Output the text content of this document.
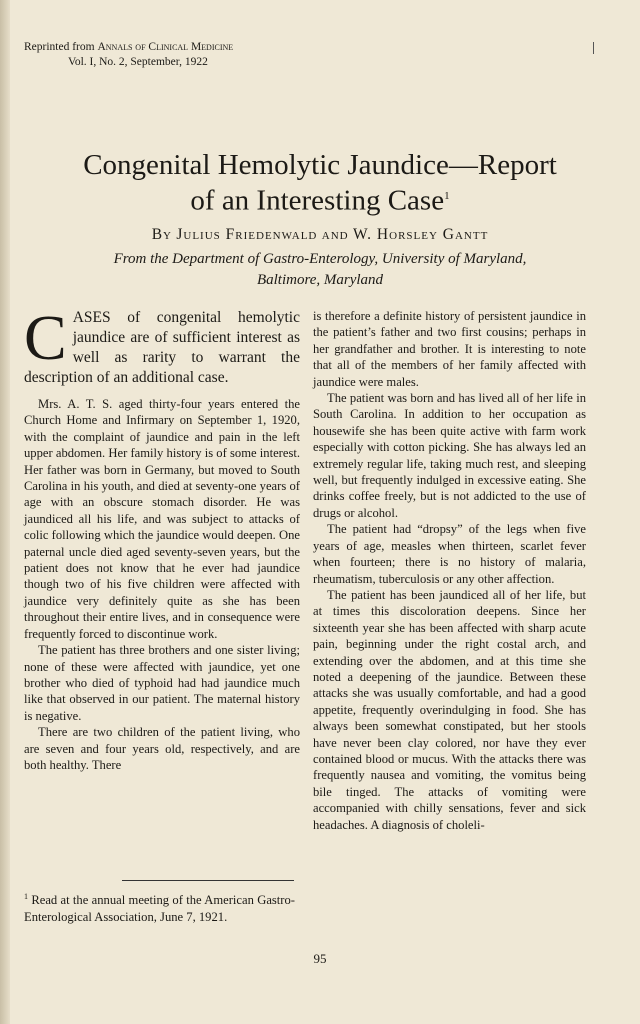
Reprinted from Annals of Clinical Medicine
Vol. I, No. 2, September, 1922
Congenital Hemolytic Jaundice—Report
of an Interesting Case$^1$
By Julius Friedenwald and W. Horsley Gantt
From the Department of Gastro-Enterology, University of Maryland,
Baltimore, Maryland

CASES of congenital hemolytic jaundice are of sufficient interest as well as rarity to warrant the description of an additional case.

Mrs. A. T. S. aged thirty-four years entered the Church Home and Infirmary on September 1, 1920, with the complaint of jaundice and pain in the left upper abdomen. Her family history is of some interest. Her father was born in Germany, but moved to South Carolina in his youth, and died at seventy-one years of age with an obscure stomach disorder. He was jaundiced all his life, and was subject to attacks of colic following which the jaundice would deepen. One paternal uncle died aged seventy-seven years, but the patient does not know that he ever had jaundice though two of his five children were affected with jaundice very definitely quite as she has been throughout their entire lives, and in consequence were frequently forced to discontinue work.

The patient has three brothers and one sister living; none of these were affected with jaundice, yet one brother who died of typhoid had had jaundice much like that observed in our patient. The maternal history is negative.

There are two children of the patient living, who are seven and four years old, respectively, and are both healthy. There

is therefore a definite history of persistent jaundice in the patient’s father and two first cousins; perhaps in her grandfather and brother. It is interesting to note that all of the members of her family affected with jaundice were males.

The patient was born and has lived all of her life in South Carolina. In addition to her occupation as housewife she has been quite active with farm work especially with cotton picking. She has always led an extremely regular life, taking much rest, and sleeping well, but frequently indulged in excessive eating. She drinks coffee freely, but is not addicted to the use of drugs or alcohol.

The patient had “dropsy” of the legs when five years of age, measles when thirteen, scarlet fever when fourteen; there is no history of malaria, rheumatism, tuberculosis or any other affection.

The patient has been jaundiced all of her life, but at times this discoloration deepens. Since her sixteenth year she has been affected with sharp acute pain, beginning under the right costal arch, and extending over the abdomen, and at this time she noted a deepening of the jaundice. Between these attacks she was usually comfortable, and had a good appetite, frequently overindulging in food. She has always been somewhat constipated, but her stools have never been clay colored, nor have they ever contained blood or mucus. With the attacks there was frequently nausea and vomiting, the vomitus being bile tinged. The attacks of vomiting were accompanied with chilly sensations, fever and sick headaches. A diagnosis of choleli-

$^1$ Read at the annual meeting of the American Gastro-Enterological Association, June 7, 1921.
95
